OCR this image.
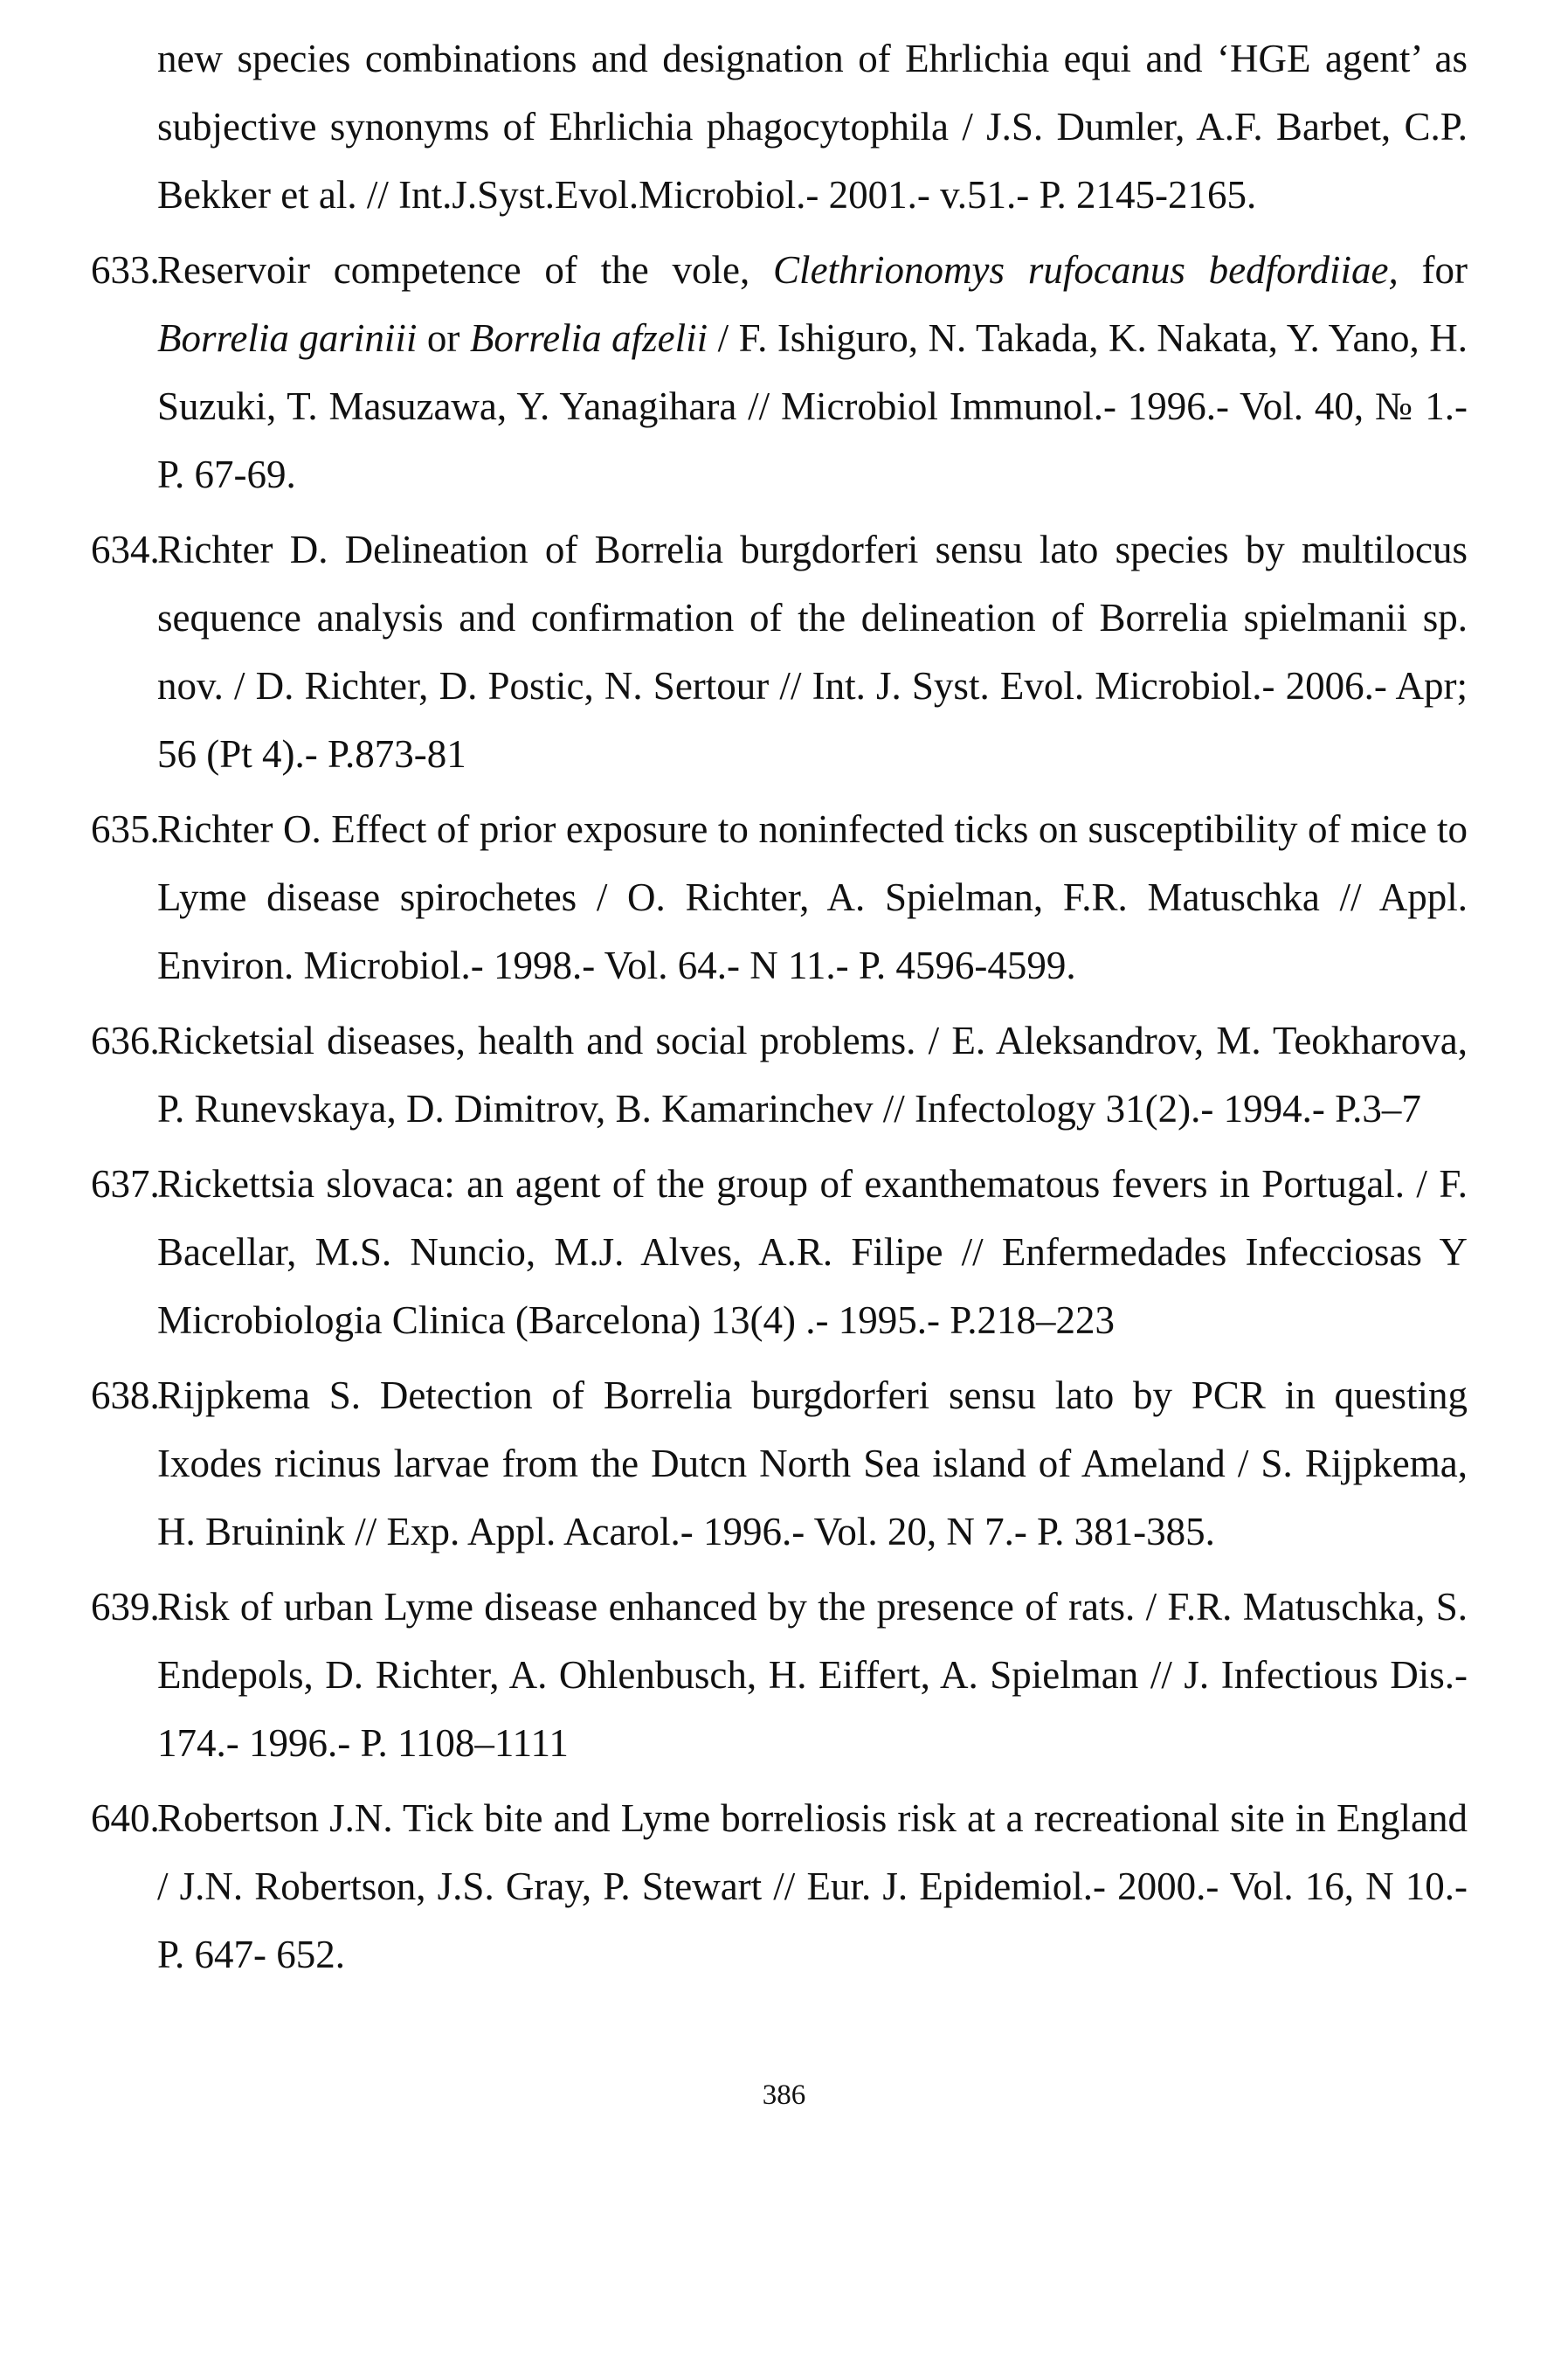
new species combinations and designation of Ehrlichia equi and ‘HGE agent’ as subjective synonyms of Ehrlichia phagocytophila / J.S. Dumler, A.F. Barbet, C.P. Bekker et al. // Int.J.Syst.Evol.Microbiol.- 2001.- v.51.- P. 2145-2165.

633.

Reservoir competence of the vole, Clethrionomys rufocanus bedfordiiae, for Borrelia gariniii or Borrelia afzelii / F. Ishiguro, N. Takada, K. Nakata, Y. Yano, H. Suzuki, T. Masuzawa, Y. Yanagihara // Microbiol Immunol.- 1996.- Vol. 40, № 1.- P. 67-69.

634.

Richter D. Delineation of Borrelia burgdorferi sensu lato species by multilocus sequence analysis and confirmation of the delineation of Borrelia spielmanii sp. nov. / D. Richter, D. Postic, N. Sertour // Int. J. Syst. Evol. Microbiol.- 2006.- Apr; 56 (Pt 4).- P.873-81

635.

Richter O. Effect of prior exposure to noninfected ticks on susceptibility of mice to Lyme disease spirochetes / O. Richter, A. Spielman, F.R. Matuschka // Appl. Environ. Microbiol.- 1998.- Vol. 64.- N 11.- P. 4596-4599.

636.

Ricketsial diseases, health and social problems. / E. Aleksandrov, M. Teokharova, P. Runevskaya, D. Dimitrov, B. Kamarinchev // Infectology 31(2).- 1994.- P.3–7

637.

Rickettsia slovaca: an agent of the group of exanthematous fevers in Portugal. / F. Bacellar, M.S. Nuncio, M.J. Alves, A.R. Filipe // Enfermedades Infecciosas Y Microbiologia Clinica (Barcelona) 13(4) .- 1995.- P.218–223

638.

Rijpkema S. Detection of Borrelia burgdorferi sensu lato by PCR in questing Ixodes ricinus larvae from the Dutcn North Sea island of Ameland / S. Rijpkema, H. Bruinink // Exp. Appl. Acarol.- 1996.- Vol. 20, N 7.- P. 381-385.

639.

Risk of urban Lyme disease enhanced by the presence of rats. / F.R. Matuschka, S. Endepols, D. Richter, A. Ohlenbusch, H. Eiffert, A. Spielman // J. Infectious Dis.- 174.- 1996.- P. 1108–1111

640.

Robertson J.N. Tick bite and Lyme borreliosis risk at a recreational site in England / J.N. Robertson, J.S. Gray, P. Stewart // Eur. J. Epidemiol.- 2000.- Vol. 16, N 10.- P. 647- 652.

386
